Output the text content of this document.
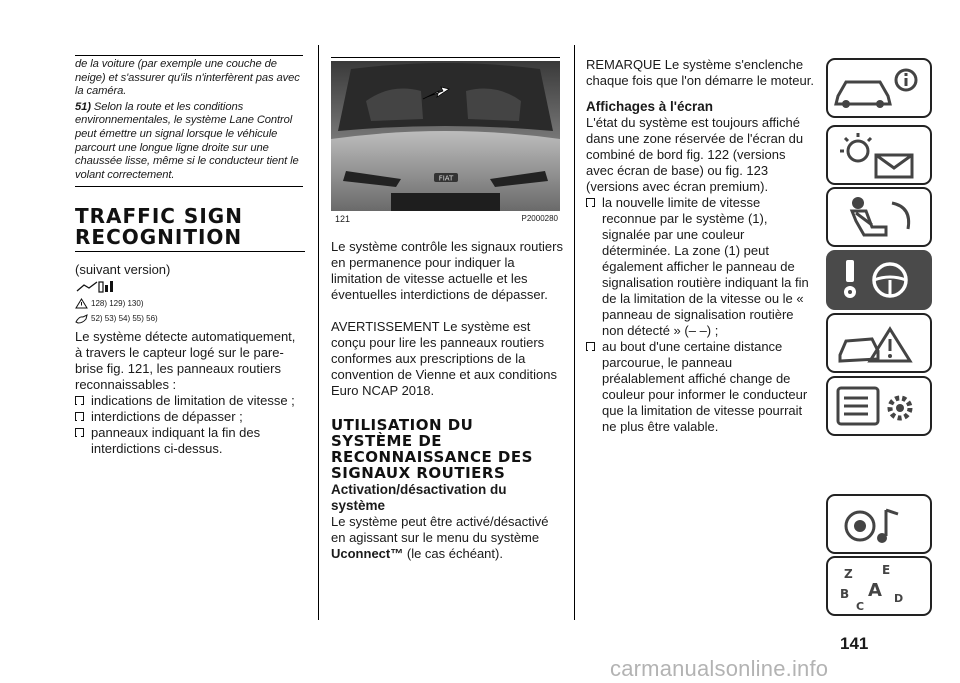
de la voiture (par exemple une couche de neige) et s'assurer qu'ils n'interfèrent pas avec la caméra.

51) Selon la route et les conditions environnementales, le système Lane Control peut émettre un signal lorsque le véhicule parcourt une longue ligne droite sur une chaussée lisse, même si le conducteur tient le volant correctement.

TRAFFIC SIGN

RECOGNITION

(suivant version)

128) 129) 130)
52) 53) 54) 55) 56)

Le système détecte automatiquement, à travers le capteur logé sur le pare-brise fig. 121, les panneaux routiers reconnaissables :

indications de limitation de vitesse ;

interdictions de dépasser ;

panneaux indiquant la fin des interdictions ci-dessus.

FIAT
121	P2000280

Le système contrôle les signaux routiers en permanence pour indiquer la limitation de vitesse actuelle et les éventuelles interdictions de dépasser.

AVERTISSEMENT Le système est conçu pour lire les panneaux routiers conformes aux prescriptions de la convention de Vienne et aux conditions Euro NCAP 2018.

UTILISATION DU

SYSTÈME DE

RECONNAISSANCE DES

SIGNAUX ROUTIERS

Activation/désactivation du système

Le système peut être activé/désactivé en agissant sur le menu du système Uconnect™ (le cas échéant).

REMARQUE Le système s'enclenche chaque fois que l'on démarre le moteur.

Affichages à l'écran

L'état du système est toujours affiché dans une zone réservée de l'écran du combiné de bord fig. 122 (versions avec écran de base) ou fig. 123 (versions avec écran premium).

la nouvelle limite de vitesse reconnue par le système (1), signalée par une couleur déterminée. La zone (1) peut également afficher le panneau de signalisation routière indiquant la fin de la limitation de la vitesse ou le « panneau de signalisation routière non détecté » (– –) ;

au bout d'une certaine distance parcourue, le panneau préalablement affiché change de couleur pour informer le conducteur que la limitation de vitesse pourrait ne plus être valable.

Z E
B A
C
D
141
carmanualsonline.info
